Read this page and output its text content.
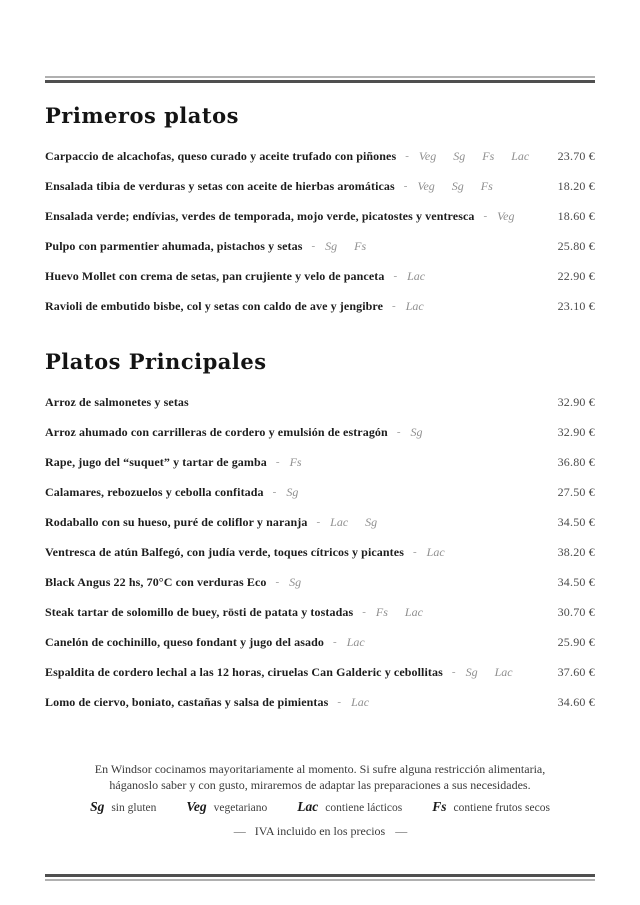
Primeros platos
Carpaccio de alcachofas, queso curado y aceite trufado con piñones - Veg Sg Fs Lac 23.70 €
Ensalada tibia de verduras y setas con aceite de hierbas aromáticas - Veg Sg Fs	18.20 €
Ensalada verde; endívias, verdes de temporada, mojo verde, picatostes y ventresca - Veg	18.60 €
Pulpo con parmentier ahumada, pistachos y setas - Sg Fs	25.80 €
Huevo Mollet con crema de setas, pan crujiente y velo de panceta - Lac	22.90 €
Ravioli de embutido bisbe, col y setas con caldo de ave y jengibre - Lac	23.10 €
Platos Principales
Arroz de salmonetes y setas	32.90 €
Arroz ahumado con carrilleras de cordero y emulsión de estragón - Sg	32.90 €
Rape, jugo del “suquet” y tartar de gamba - Fs	36.80 €
Calamares, rebozuelos y cebolla confitada - Sg	27.50 €
Rodaballo con su hueso, puré de coliflor y naranja - Lac Sg	34.50 €
Ventresca de atún Balfegó, con judía verde, toques cítricos y picantes - Lac	38.20 €
Black Angus 22 hs, 70°C con verduras Eco - Sg	34.50 €
Steak tartar de solomillo de buey, rösti de patata y tostadas - Fs Lac	30.70 €
Canelón de cochinillo, queso fondant y jugo del asado - Lac	25.90 €
Espaldita de cordero lechal a las 12 horas, ciruelas Can Galderic y cebollitas - Sg Lac	37.60 €
Lomo de ciervo, boniato, castañas y salsa de pimientas - Lac	34.60 €

En Windsor cocinamos mayoritariamente al momento. Si sufre alguna restricción alimentaria, háganoslo saber y con gusto, miraremos de adaptar las preparaciones a sus necesidades.

Sg sin gluten Veg vegetariano Lac contiene lácticos Fs contiene frutos secos

— IVA incluido en los precios —
